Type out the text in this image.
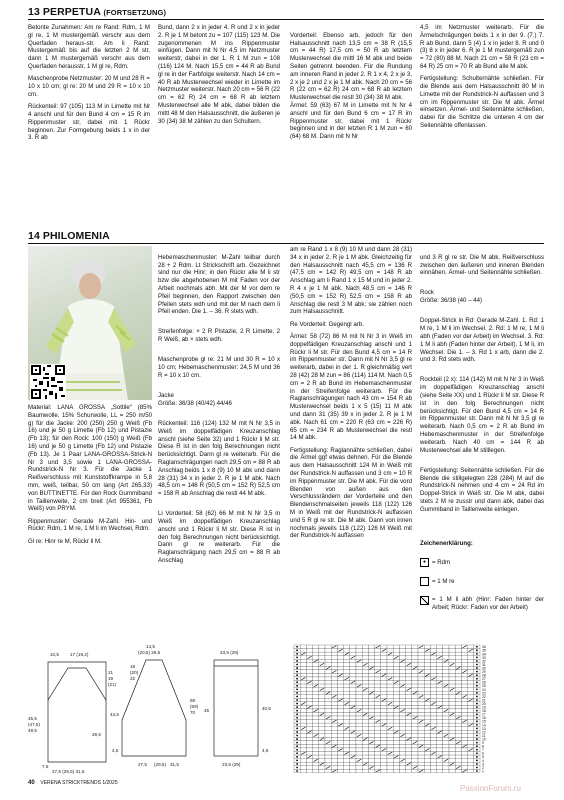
13 PERPETUA (FORTSETZUNG)

Betonte Zunahmen: Am re Rand: Rdm, 1 M gl re, 1 M mustergemäß verschr aus dem Querfaden heraus-str. Am li Rand: Mustergemäß bis auf die letzten 2 M str, dann 1 M mustergemäß verschr aus dem Querfaden herausstr, 1 M gl re, Rdm.

Maschenprobe Netzmuster: 20 M und 28 R = 10 x 10 cm; gl re: 20 M und 29 R = 10 x 10 cm.

Rückenteil: 97 (105) 113 M in Limette mit Nr 4 anschl und für den Bund 4 cm = 15 R im Rippenmuster str, dabei mit 1 Rückr beginnen. Zur Formgebung beids 1 x in der 3. R ab

Bund, dann 2 x in jeder 4. R und 2 x in jeder 2. R je 1 M betont zu = 107 (115) 123 M. Die zugenommenen M ins Rippenmuster einfügen. Dann mit N Nr 4,5 im Netzmuster weiterstr, dabei in der 1. R 1 M zun = 108 (116) 124 M. Nach 15,5 cm = 44 R ab Bund gl re in der Farbfolge weiterstr. Nach 14 cm = 40 R ab Musterwechsel wieder in Limette im Netzmuster weiterstr. Nach 20 cm = 56 R (22 cm = 62 R) 24 cm = 68 R ab letztem Musterwechsel alle M abk, dabei bilden die mittl 48 M den Halsausschnitt, die äußeren je 30 (34) 38 M zählen zu den Schultern.

Vorderteil: Ebenso arb, jedoch für den Halsausschnitt nach 13,5 cm = 38 R (15,5 cm = 44 R) 17,5 cm = 50 R ab letztem Musterwechsel die mittl 16 M abk und beide Seiten getrennt beenden. Für die Rundung am inneren Rand in jeder 2. R 1 x 4, 2 x je 3, 2 x je 2 und 2 x je 1 M abk. Nach 20 cm = 56 R (22 cm = 62 R) 24 cm = 68 R ab letztem Musterwechsel die restl 30 (34) 38 M abk.
Ärmel: 59 (63) 67 M in Limette mit N Nr 4 anschl und für den Bund 6 cm = 17 R im Rippenmuster str, dabei mit 1 Rückr beginnen und in der letzten R 1 M zun = 60 (64) 68 M. Dann mit N Nr

4,5 im Netzmuster weiterarb. Für die Ärmelschrägungen beids 1 x in der 9. (7.) 7. R ab Bund, dann 5 (4) 1 x in jeder 8. R und 0 (3) 8 x in jeder 6. R je 1 M mustergemäß zun = 72 (80) 88 M. Nach 21 cm = 58 R (23 cm = 64 R) 25 cm = 70 R ab Bund alle M abk.

Fertigstellung: Schulternähte schließen. Für die Blende aus dem Halsausschnitt 80 M in Limette mit der Rundstrick-N auffassen und 3 cm im Rippenmuster str. Die M abk. Ärmel einsetzen. Ärmel- und Seitennähte schließen, dabei für die Schlitze die unteren 4 cm der Seitennähte offenlassen.

14 PHILOMENIA

Material: LANA GROSSA „Sottile“ (85% Baumwolle, 15% Schurwolle, LL = 250 m/50 g) für die Jacke: 200 (250) 250 g Weiß (Fb 16) und je 50 g Limette (Fb 12) und Pistazie (Fb 13); für den Rock: 100 (150) g Weiß (Fb 16) und je 50 g Limette (Fb 12) und Pistazie (Fb 13). Je 1 Paar LANA-GROSSA-Strick-N Nr 3 und 3,5 sowie 1 LANA-GROSSA-Rundstrick-N Nr 3. Für die Jacke 1 Reißverschluss mit Kunststoffkrampe in 5,8 mm, weiß, teilbar, 50 cm lang (Art 265.33) von BUTTINETTE. Für den Rock Gummiband in Taillenweite, 2 cm breit (Art 955361, Fb Weiß) von PRYM.

Rippenmuster: Gerade M-Zahl. Hin- und Rückr: Rdm, 1 M re, 1 M li im Wechsel, Rdm.

Gl re: Hinr re M, Rückr li M.

Hebemaschenmuster: M-Zahl teilbar durch 28 + 2 Rdm. Lt Strickschrift arb. Gezeichnet sind nur die Hinr; in den Rückr alle M li str bzw die abgehobenen M mit Faden vor der Arbeit nochmals abh. Mit der M vor dem re Pfeil beginnen, den Rapport zwischen den Pfeilen stets wdh und mit der M nach dem li Pfeil enden. Die 1. – 36. R stets wdh.

Streifenfolge: × 2 R Pistazie, 2 R Limette, 2 R Weiß, ab × stets wdh.

Maschenprobe gl re: 21 M und 30 R = 10 x 10 cm; Hebemaschenmuster: 24,5 M und 36 R = 10 x 10 cm.

Jacke
Größe: 36/38 (40/42) 44/46

Rückenteil: 116 (124) 132 M mit N Nr 3,5 in Weiß im doppelfädigen Kreuzanschlag anschl (siehe Seite 32) und 1 Rückr li M str. Diese R ist in den folg Berechnungen nicht berücksichtigt. Dann gl re weiterarb. Für die Raglanschrägungen nach 29,5 cm = 88 R ab Anschlag beids 1 x 8 (9) 10 M abk und dann 28 (31) 34 x in jeder 2. R je 1 M abk. Nach 48,5 cm = 146 R (50,5 cm = 152 R) 52,5 cm = 158 R ab Anschlag die restl 44 M abk.

Li Vorderteil: 58 (62) 66 M mit N Nr 3,5 in Weiß im doppelfädigen Kreuzanschlag anschl und 1 Rückr li M str. Diese R ist in den folg Berechnungen nicht berücksichtigt. Dann gl re weiterarb. Für die Raglanschrägung nach 29,5 cm = 88 R ab Anschlag

am re Rand 1 x 8 (9) 10 M und dann 28 (31) 34 x in jeder 2. R je 1 M abk. Gleichzeitig für den Halsausschnitt nach 45,5 cm = 136 R (47,5 cm = 142 R) 49,5 cm = 148 R ab Anschlag am li Rand 1 x 15 M und in jeder 2. R 4 x je 1 M abk. Nach 48,5 cm = 146 R (50,5 cm = 152 R) 52,5 cm = 158 R ab Anschlag die restl 3 M abk; sie zählen noch zum Halsausschnitt.

Re Vorderteil: Gegengl arb.

Ärmel: 58 (72) 86 M mit N Nr 3 in Weiß im doppelfädigen Kreuzanschlag anschl und 1 Rückr li M str. Für den Bund 4,5 cm = 14 R im Rippenmuster str. Dann mit N Nr 3,5 gl re weiterarb, dabei in der 1. R gleichmäßig vert 28 (42) 28 M zun = 86 (114) 114 M. Nach 0,5 cm = 2 R ab Bund im Hebemaschenmuster in der Streifenfolge weiterarb. Für die Raglanschrägungen nach 43 cm = 154 R ab Musterwechsel beids 1 x 5 (15) 11 M abk und dann 31 (35) 39 x in jeder 2. R je 1 M abk. Nach 61 cm = 220 R (63 cm = 226 R) 65 cm = 234 R ab Musterwechsel die restl 14 M abk.

Fertigstellung: Raglannähte schließen, dabei die Ärmel ggf etwas dehnen. Für die Blende aus dem Halsausschnitt 124 M in Weiß mit der Rundstrick-N auffassen und 3 cm = 10 R im Rippenmuster str. Die M abk. Für die vord Blenden von außen aus den Verschlussrändern der Vorderteile und den Blendenschmalseiten jeweils 118 (122) 126 M in Weiß mit der Rundstrick-N auffassen und 5 R gl re str. Die M abk. Dann von innen nochmals jeweils 118 (122) 126 M Weiß mit der Rundstrick-N auffassen

und 3 R gl re str. Die M abk. Reißverschluss zwischen den äußeren und inneren Blenden einnähen. Ärmel- und Seitennähte schließen.

Rock
Größe: 36/38 (40 – 44)

Doppel-Strick in Rd: Gerade M-Zahl. 1. Rd: 1 M re, 1 M li im Wechsel. 2. Rd: 1 M re, 1 M li abh (Faden vor der Arbeit) im Wechsel. 3. Rd: 1 M li abh (Faden hinter der Arbeit), 1 M li, im Wechsel. Die 1. – 3. Rd 1 x arb, dann die 2. und 3. Rd stets wdh.

Rockteil (2 x): 114 (142) M mit N Nr 3 in Weiß im doppelfädigen Kreuzanschlag anschl (siehe Seite XX) und 1 Rückr li M str. Diese R ist in den folg Berechnungen nicht berücksichtigt. Für den Bund 4,5 cm = 14 R im Rippenmuster str. Dann mit N Nr 3,5 gl re weiterarb. Nach 0,5 cm = 2 R ab Bund im Hebemaschenmuster in der Streifenfolge weiterarb. Nach 40 cm = 144 R ab Musterwechsel alle M stilllegen.

Fertigstellung: Seitennähte schließen. Für die Blende die stillgelegten 228 (284) M auf die Rundstrick-N nehmen und 4 cm = 24 Rd im Doppel-Strick in Weiß str. Die M abk, dabei stets 2 M re zusstr und dann abk, dabei das Gummiband in Taillenweite einlegen.

Zeichenerklärung:

● = Rdm

= 1 M re

= 1 M li abh (Hinr: Faden hinter der Arbeit; Rückr: Faden vor der Arbeit)

10,5 17 (19,2)
21
19
(21)
45,5
(47,5)
49,5
29,5
7,5
27,5 (29,5) 31,5
14,5
(20,5) 26,5
18
(20)
22
43,5
68
(69)
70
4,5
27,5 (29,5) 31,5
23,5 (29)
45	40,5
4,5
23,5 (29)
36
35
34
33
32
31
30
29
28
27
26
25
24
23
22
21
20
19
18
17
16
15
14
13
12
11
10
9
8
7
6
5
4
3
2
1
40 VERENA STRICKTRENDS 1/2025
PassionForum.ru
